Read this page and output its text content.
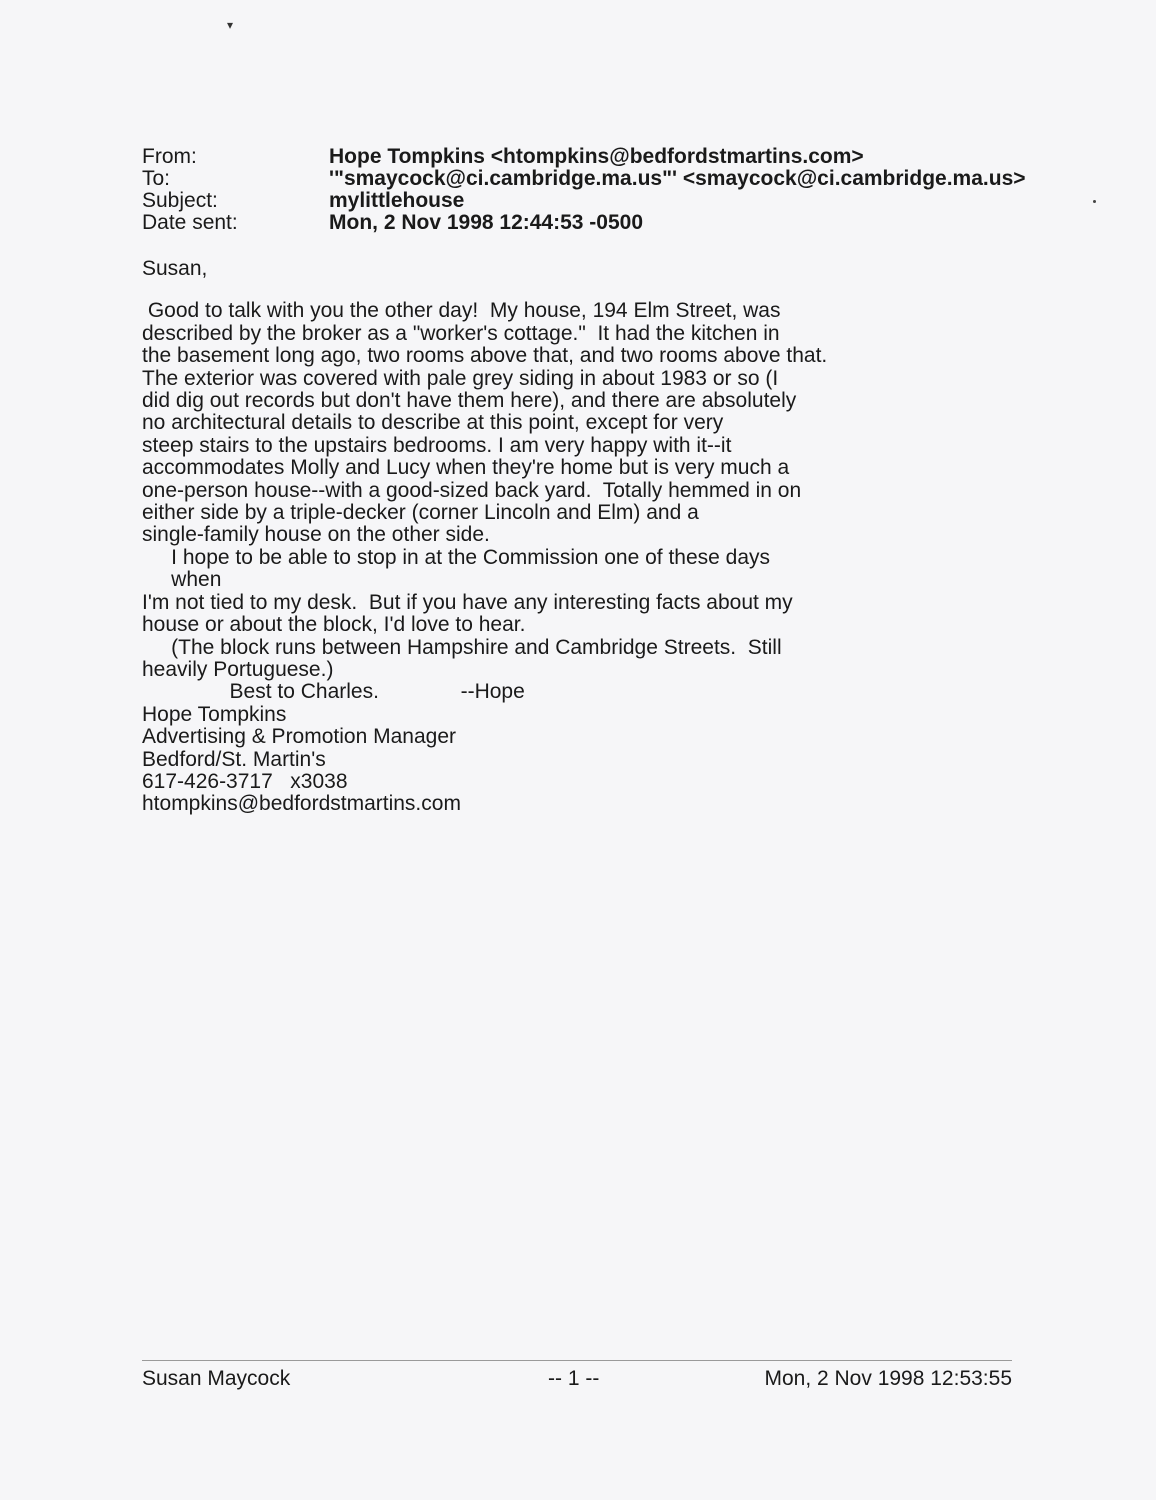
▾
From:	Hope Tompkins <htompkins@bedfordstmartins.com>
To:	'"smaycock@ci.cambridge.ma.us"' <smaycock@ci.cambridge.ma.us>
Subject:	mylittlehouse
Date sent:	Mon, 2 Nov 1998 12:44:53 -0500

Susan,

Good to talk with you the other day!  My house, 194 Elm Street, was

described by the broker as a "worker's cottage."  It had the kitchen in

the basement long ago, two rooms above that, and two rooms above that.

The exterior was covered with pale grey siding in about 1983 or so (I

did dig out records but don't have them here), and there are absolutely

no architectural details to describe at this point, except for very

steep stairs to the upstairs bedrooms. I am very happy with it--it

accommodates Molly and Lucy when they're home but is very much a

one-person house--with a good-sized back yard.  Totally hemmed in on

either side by a triple-decker (corner Lincoln and Elm) and a

single-family house on the other side.

I hope to be able to stop in at the Commission one of these days

when

I'm not tied to my desk.  But if you have any interesting facts about my

house or about the block, I'd love to hear.

(The block runs between Hampshire and Cambridge Streets.  Still

heavily Portuguese.)

Best to Charles.              --Hope

Hope Tompkins

Advertising & Promotion Manager

Bedford/St. Martin's

617-426-3717   x3038

htompkins@bedfordstmartins.com

Susan Maycock	-- 1 --	Mon, 2 Nov 1998 12:53:55
